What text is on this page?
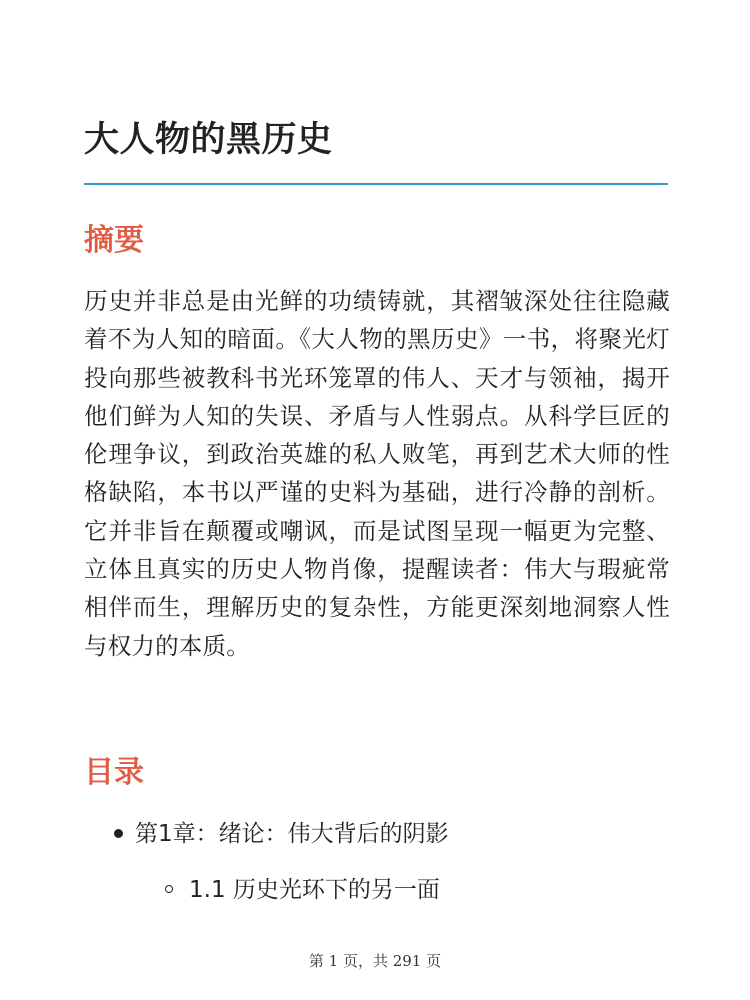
大人物的黑历史
摘要

历史并非总是由光鲜的功绩铸就，其褶皱深处往往隐藏着不为人知的暗面。《大人物的黑历史》一书，将聚光灯投向那些被教科书光环笼罩的伟人、天才与领袖，揭开他们鲜为人知的失误、矛盾与人性弱点。从科学巨匠的伦理争议，到政治英雄的私人败笔，再到艺术大师的性格缺陷，本书以严谨的史料为基础，进行冷静的剖析。它并非旨在颠覆或嘲讽，而是试图呈现一幅更为完整、立体且真实的历史人物肖像，提醒读者：伟大与瑕疵常相伴而生，理解历史的复杂性，方能更深刻地洞察人性与权力的本质。

目录
第1章：绪论：伟大背后的阴影
1.1 历史光环下的另一面
第 1 页，共 291 页
